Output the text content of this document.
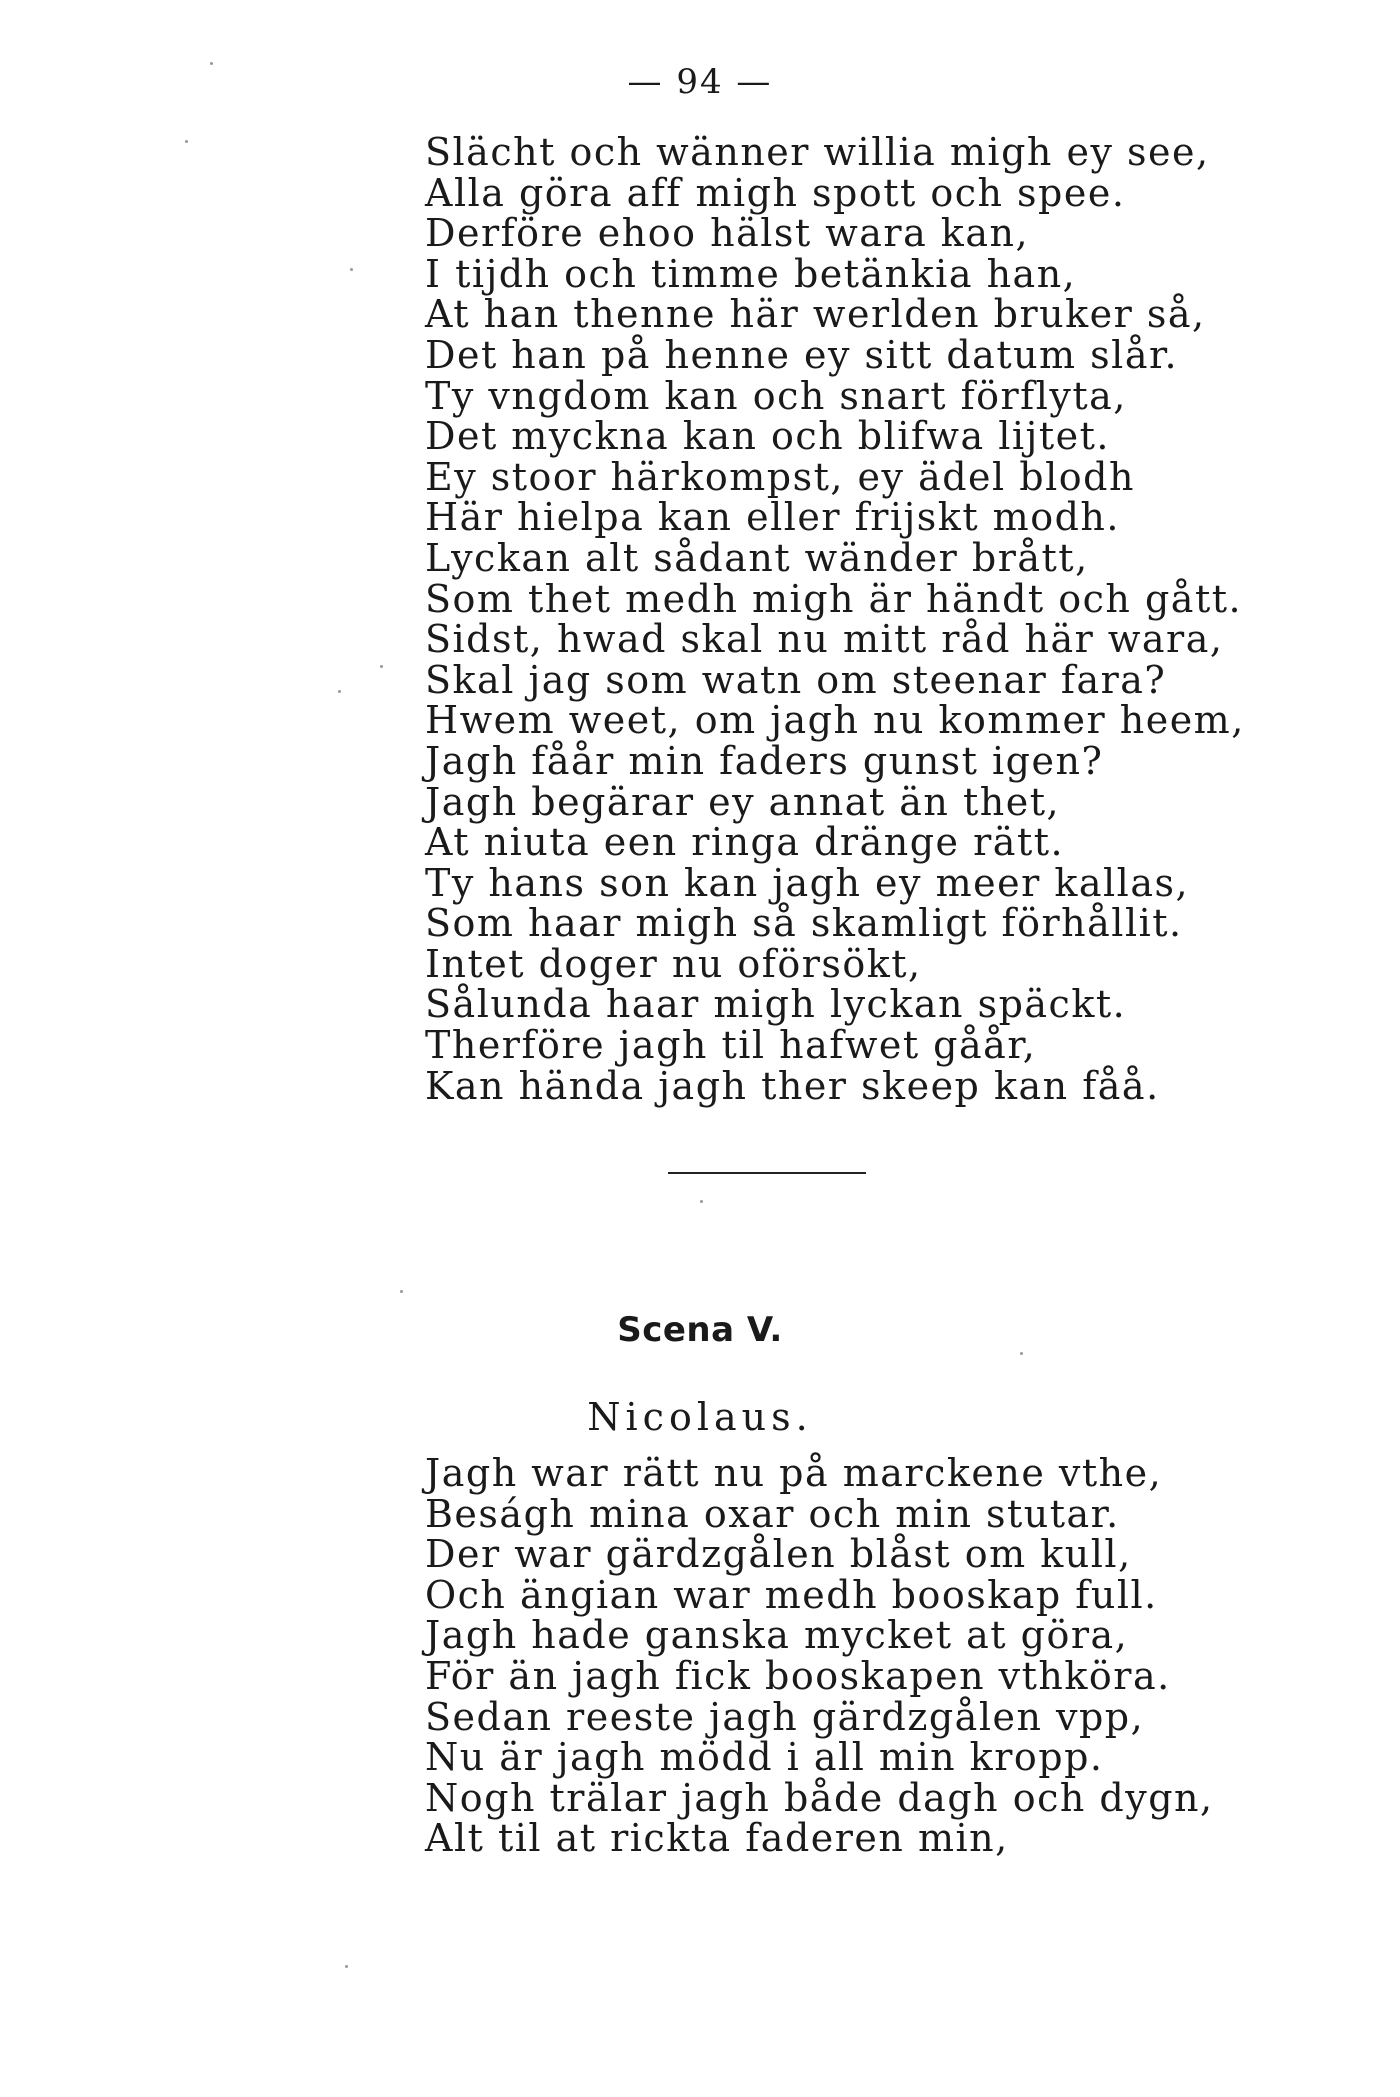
— 94 —
Slächt och wänner willia migh ey see,
Alla göra aff migh spott och spee.
Derföre ehoo hälst wara kan,
I tijdh och timme betänkia han,
At han thenne här werlden bruker så,
Det han på henne ey sitt datum slår.
Ty vngdom kan och snart förflyta,
Det myckna kan och blifwa lijtet.
Ey stoor härkompst, ey ädel blodh
Här hielpa kan eller frijskt modh.
Lyckan alt sådant wänder brått,
Som thet medh migh är händt och gått.
Sidst, hwad skal nu mitt råd här wara,
Skal jag som watn om steenar fara?
Hwem weet, om jagh nu kommer heem,
Jagh fåår min faders gunst igen?
Jagh begärar ey annat än thet,
At niuta een ringa dränge rätt.
Ty hans son kan jagh ey meer kallas,
Som haar migh så skamligt förhållit.
Intet doger nu oförsökt,
Sålunda haar migh lyckan späckt.
Therföre jagh til hafwet gåår,
Kan hända jagh ther skeep kan fåå.
Scena V.
Nicolaus.
Jagh war rätt nu på marckene vthe,
Beságh mina oxar och min stutar.
Der war gärdzgålen blåst om kull,
Och ängian war medh booskap full.
Jagh hade ganska mycket at göra,
För än jagh fick booskapen vthköra.
Sedan reeste jagh gärdzgålen vpp,
Nu är jagh mödd i all min kropp.
Nogh trälar jagh både dagh och dygn,
Alt til at rickta faderen min,
